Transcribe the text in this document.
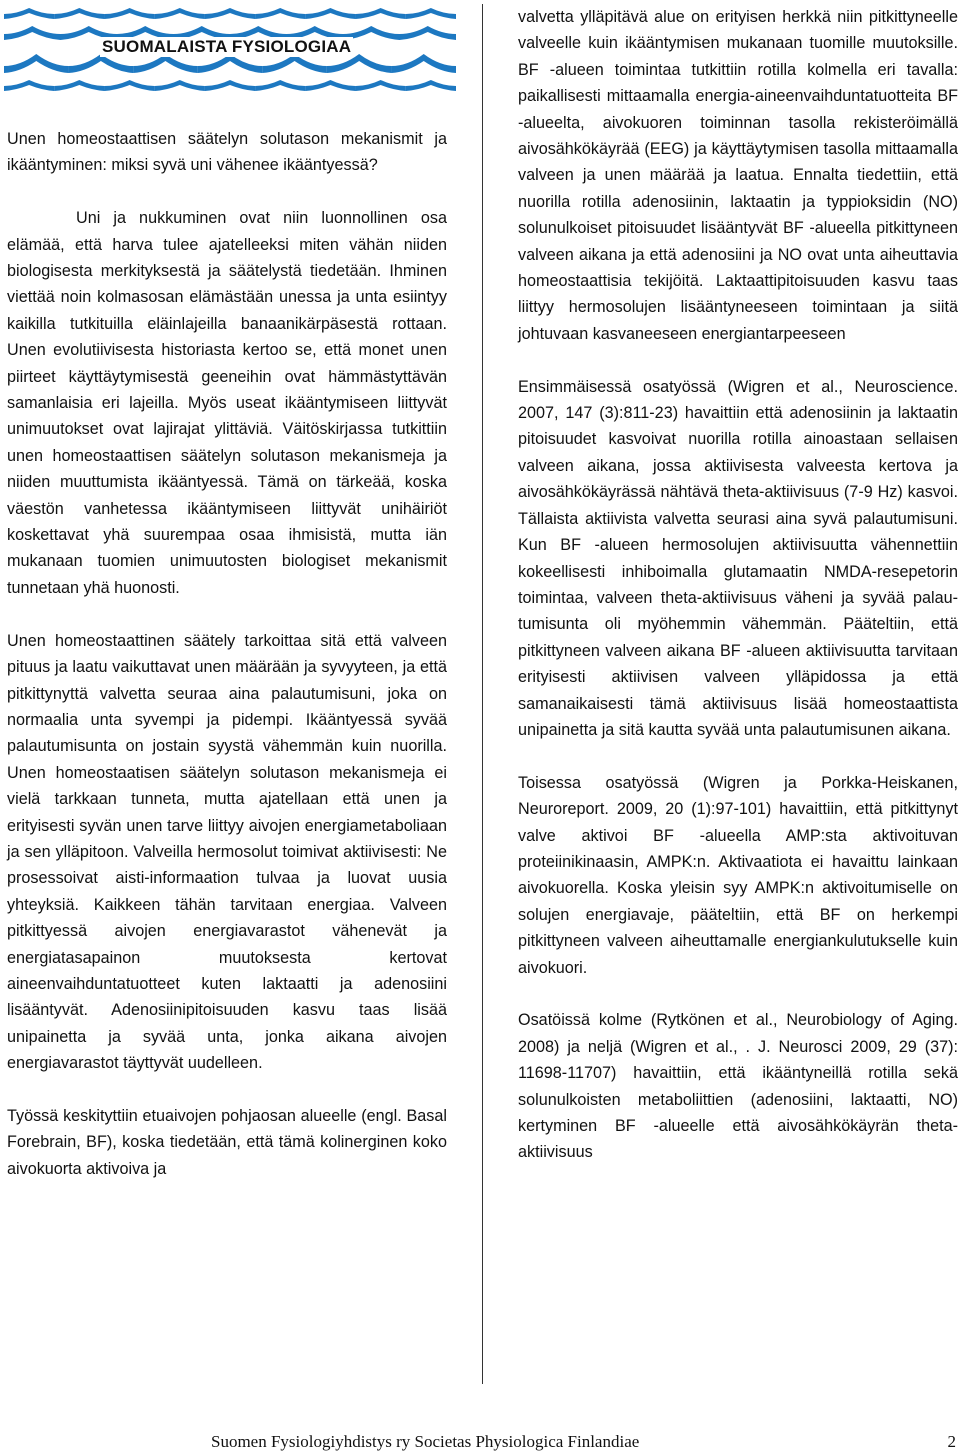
SUOMALAISTA FYSIOLOGIAA

Unen homeostaattisen säätelyn solutason mekanismit ja ikääntyminen: miksi syvä uni vähenee ikääntyessä?

Uni ja nukkuminen ovat niin luonnollinen osa elämää, että harva tulee ajatelleeksi miten vähän niiden biologisesta merkityksestä ja säätelystä tiedetään. Ihminen viettää noin kolmasosan elämästään unessa ja unta esiintyy kaikilla tutkituilla eläinlajeilla banaanikärpäsestä rottaan. Unen evolutiivisesta historiasta kertoo se, että monet unen piirteet käyttäytymisestä geeneihin ovat hämmästyttävän samanlaisia eri lajeilla. Myös useat ikääntymiseen liittyvät unimuutokset ovat lajirajat ylittäviä. Väitöskirjassa tutkittiin unen homeostaattisen säätelyn solutason mekanismeja ja niiden muuttumista ikääntyessä. Tämä on tärkeää, koska väestön vanhetessa ikääntymiseen liittyvät unihäiriöt koskettavat yhä suurempaa osaa ihmisistä, mutta iän mukanaan tuomien unimuutosten biologiset mekanismit tunnetaan yhä huonosti.

Unen homeostaattinen säätely tarkoittaa sitä että valveen pituus ja laatu vaikuttavat unen määrään ja syvyyteen, ja että pitkittynyttä valvetta seuraa aina palautumisuni, joka on normaalia unta syvempi ja pidempi. Ikääntyessä syvää palautumisunta on jostain syystä vähemmän kuin nuorilla. Unen homeostaatisen säätelyn solutason mekanismeja ei vielä tarkkaan tunneta, mutta ajatellaan että unen ja erityisesti syvän unen tarve liittyy aivojen energiametaboliaan ja sen ylläpitoon. Valveilla hermosolut toimivat aktiivisesti: Ne prosessoivat aisti-informaation tulvaa ja luovat uusia yhteyksiä. Kaikkeen tähän tarvitaan energiaa. Valveen pitkittyessä aivojen energiavarastot vähenevät ja energiatasapainon muutoksesta kertovat aineenvaihduntatuotteet kuten laktaatti ja adenosiini lisääntyvät. Adenosiinipitoisuuden kasvu taas lisää unipainetta ja syvää unta, jonka aikana aivojen energiavarastot täyttyvät uudelleen.

Työssä keskityttiin etuaivojen pohjaosan alueelle (engl. Basal Forebrain, BF), koska tiedetään, että tämä kolinerginen koko aivokuorta aktivoiva ja

valvetta ylläpitävä alue on erityisen herkkä niin pitkittyneelle valveelle kuin ikääntymisen mukanaan tuomille muutoksille. BF -alueen toimintaa tutkittiin rotilla kolmella eri tavalla: paikallisesti mittaamalla energia-aineenvaihduntatuotteita BF -alueelta, aivokuoren toiminnan tasolla rekisteröimällä aivosähkökäyrää (EEG) ja käyttäytymisen tasolla mittaamalla valveen ja unen määrää ja laatua. Ennalta tiedettiin, että nuorilla rotilla adenosiinin, laktaatin ja typpioksidin (NO) solunulkoiset pitoisuudet lisääntyvät BF -alueella pitkittyneen valveen aikana ja että adenosiini ja NO ovat unta aiheuttavia homeostaattisia tekijöitä. Laktaattipitoisuuden kasvu taas liittyy hermosolujen lisääntyneeseen toimintaan ja siitä johtuvaan kasvaneeseen energiantarpeeseen

Ensimmäisessä osatyössä (Wigren et al., Neuroscience. 2007, 147 (3):811-23) havaittiin että adenosiinin ja laktaatin pitoisuudet kasvoivat nuorilla rotilla ainoastaan sellaisen valveen aikana, jossa aktiivisesta valveesta kertova ja aivosähkökäyrässä nähtävä theta-aktiivisuus (7-9 Hz) kasvoi. Tällaista aktiivista valvetta seurasi aina syvä palautumisuni. Kun BF -alueen hermosolujen aktiivisuutta vähennettiin kokeellisesti inhiboimalla glutamaatin NMDA-resepetorin toimintaa, valveen theta-aktiivisuus väheni ja syvää palautumisunta oli myöhemmin vähemmän. Pääteltiin, että pitkittyneen valveen aikana BF -alueen aktiivisuutta tarvitaan erityisesti aktiivisen valveen ylläpidossa ja että samanaikaisesti tämä aktiivisuus lisää homeostaattista unipainetta ja sitä kautta syvää unta palautumisunen aikana.

Toisessa osatyössä (Wigren ja Porkka-Heiskanen, Neuroreport. 2009, 20 (1):97-101) havaittiin, että pitkittynyt valve aktivoi BF -alueella AMP:sta aktivoituvan proteiinikinaasin, AMPK:n. Aktivaatiota ei havaittu lainkaan aivokuorella. Koska yleisin syy AMPK:n aktivoitumiselle on solujen energiavaje, pääteltiin, että BF on herkempi pitkittyneen valveen aiheuttamalle energiankulutukselle kuin aivokuori.

Osatöissä kolme (Rytkönen et al., Neurobiology of Aging. 2008) ja neljä (Wigren et al., . J. Neurosci 2009, 29 (37): 11698-11707) havaittiin, että ikääntyneillä rotilla sekä solunulkoisten metaboliittien (adenosiini, laktaatti, NO) kertyminen BF -alueelle että aivosähkökäyrän theta-aktiivisuus

Suomen Fysiologiyhdistys ry Societas Physiologica Finlandiae	2
